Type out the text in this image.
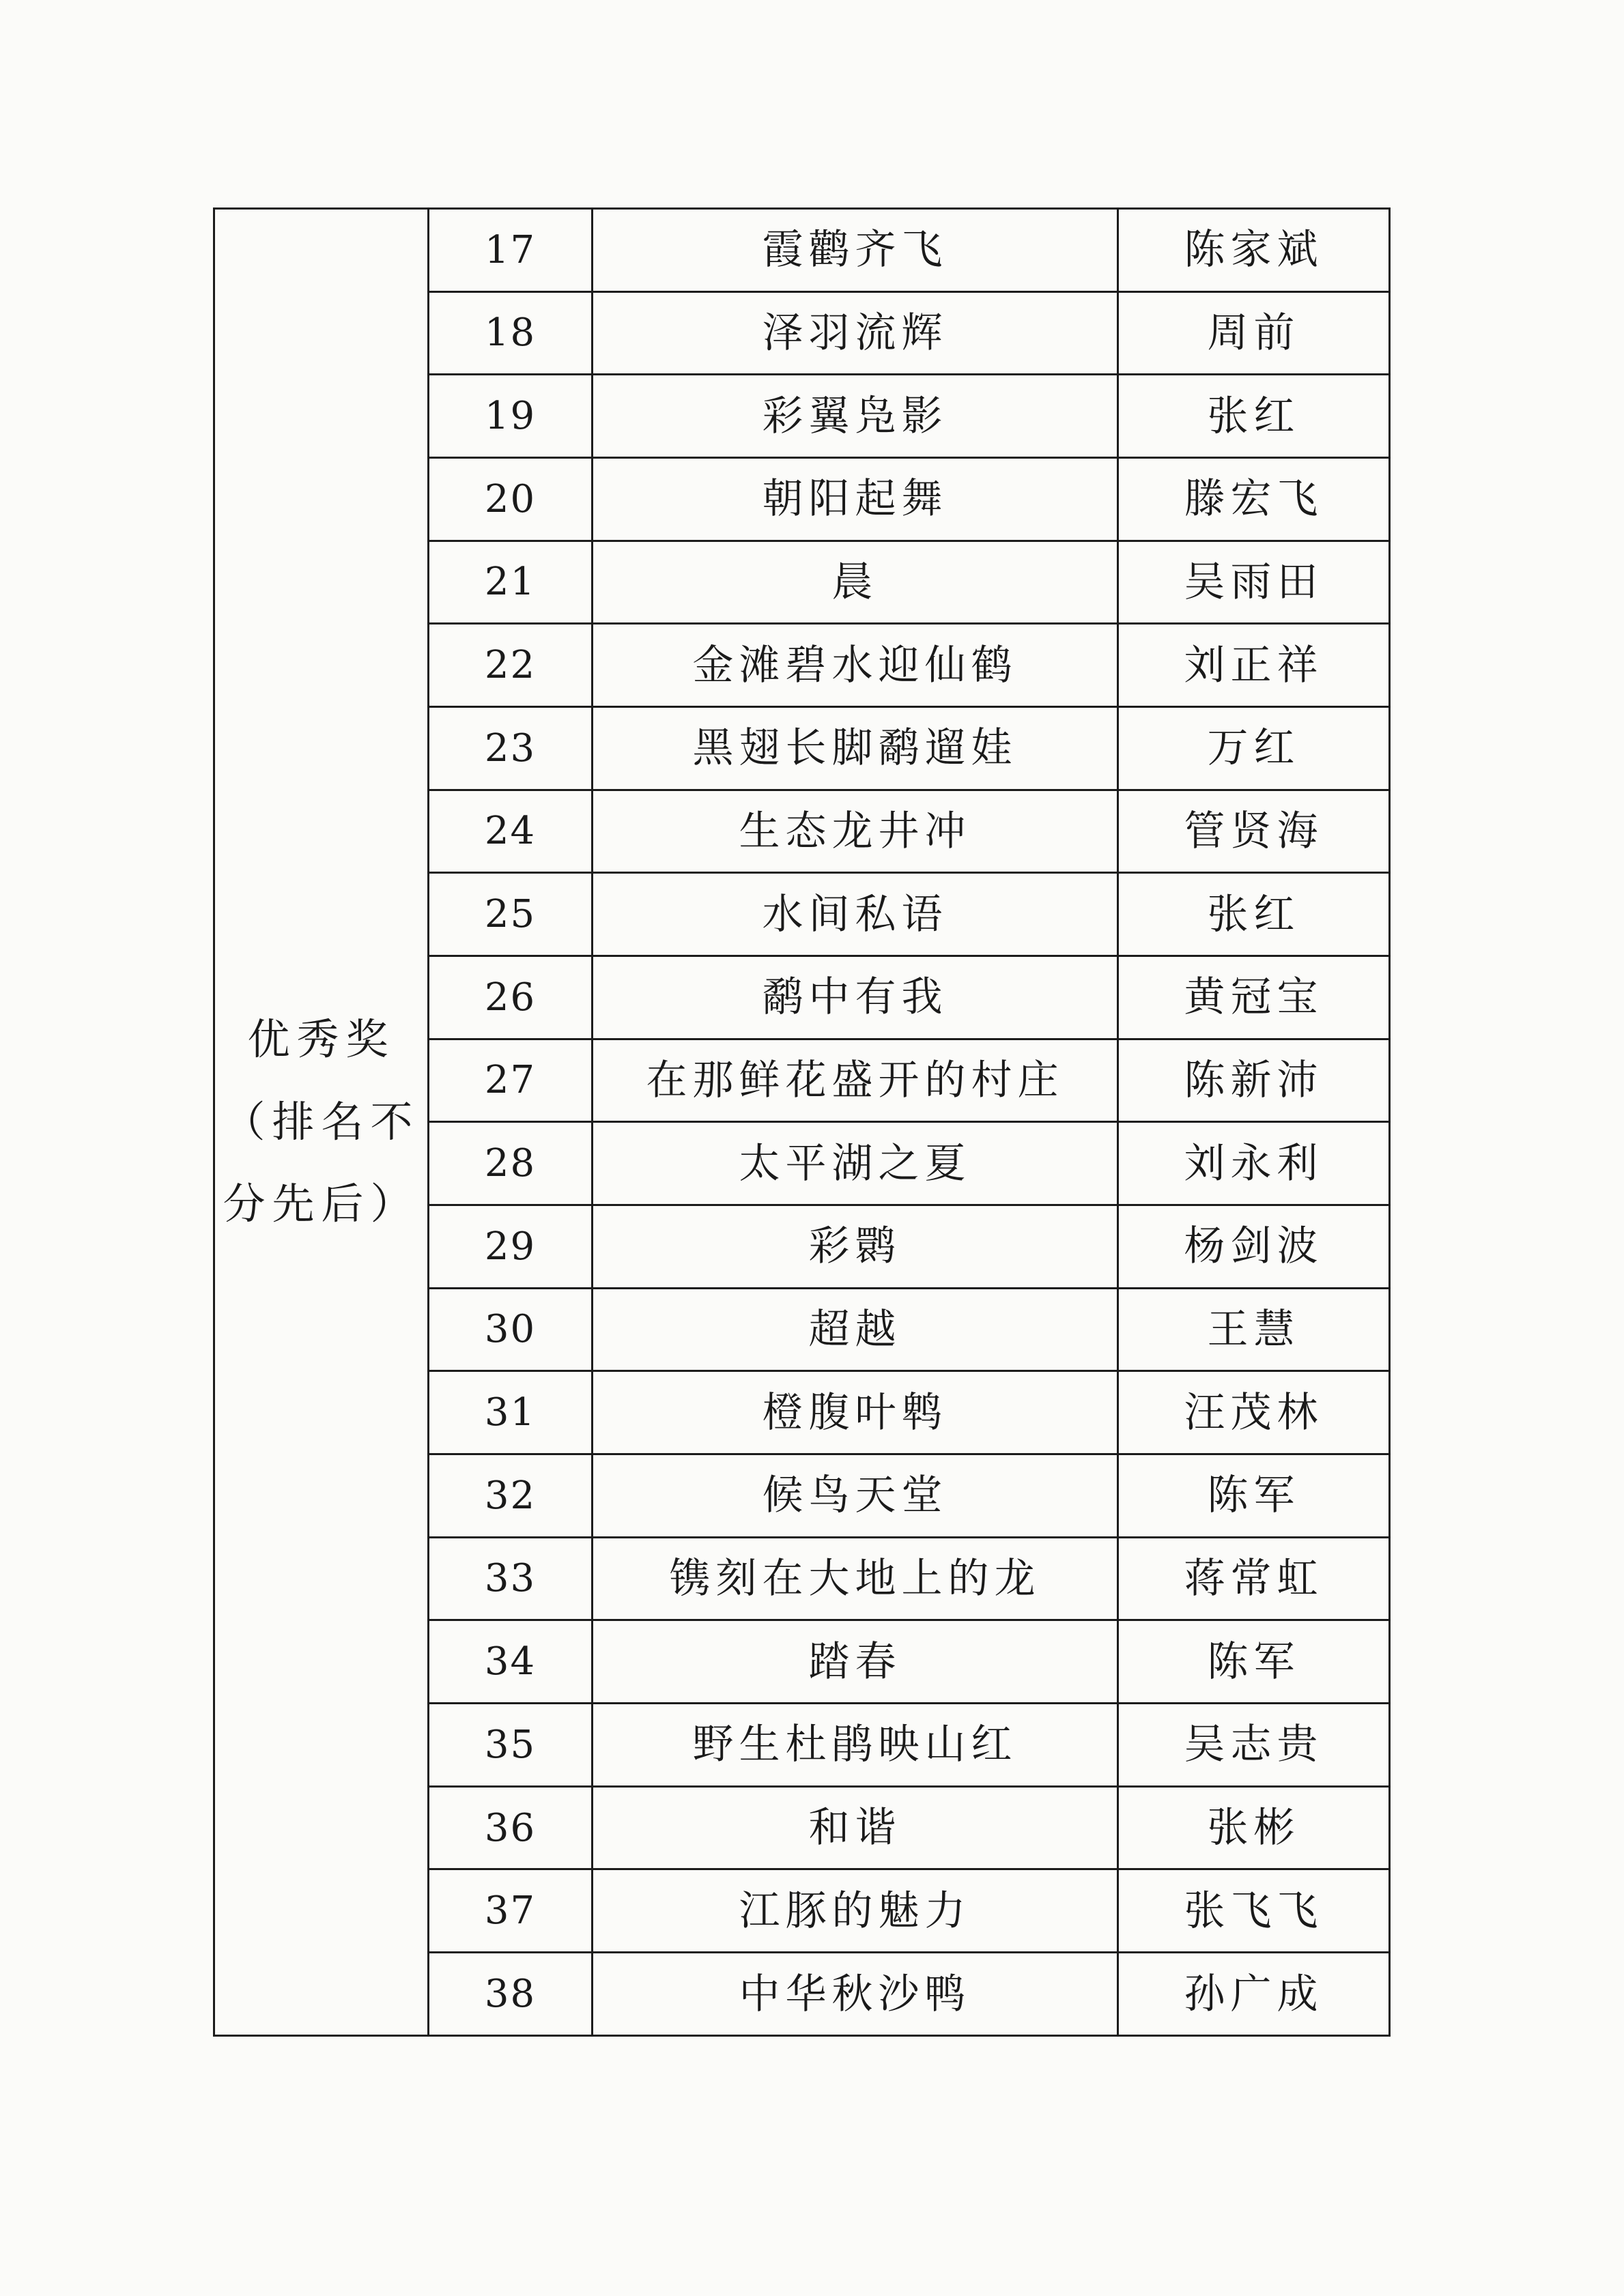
优秀奖
（排名不
分先后）	17	霞鹳齐飞	陈家斌
	18	泽羽流辉	周前
	19	彩翼凫影	张红
	20	朝阳起舞	滕宏飞
	21	晨	吴雨田
	22	金滩碧水迎仙鹤	刘正祥
	23	黑翅长脚鹬遛娃	万红
	24	生态龙井冲	管贤海
	25	水间私语	张红
	26	鹬中有我	黄冠宝
	27	在那鲜花盛开的村庄	陈新沛
	28	太平湖之夏	刘永利
	29	彩鹮	杨剑波
	30	超越	王慧
	31	橙腹叶鹎	汪茂林
	32	候鸟天堂	陈军
	33	镌刻在大地上的龙	蒋常虹
	34	踏春	陈军
	35	野生杜鹃映山红	吴志贵
	36	和谐	张彬
	37	江豚的魅力	张飞飞
	38	中华秋沙鸭	孙广成
